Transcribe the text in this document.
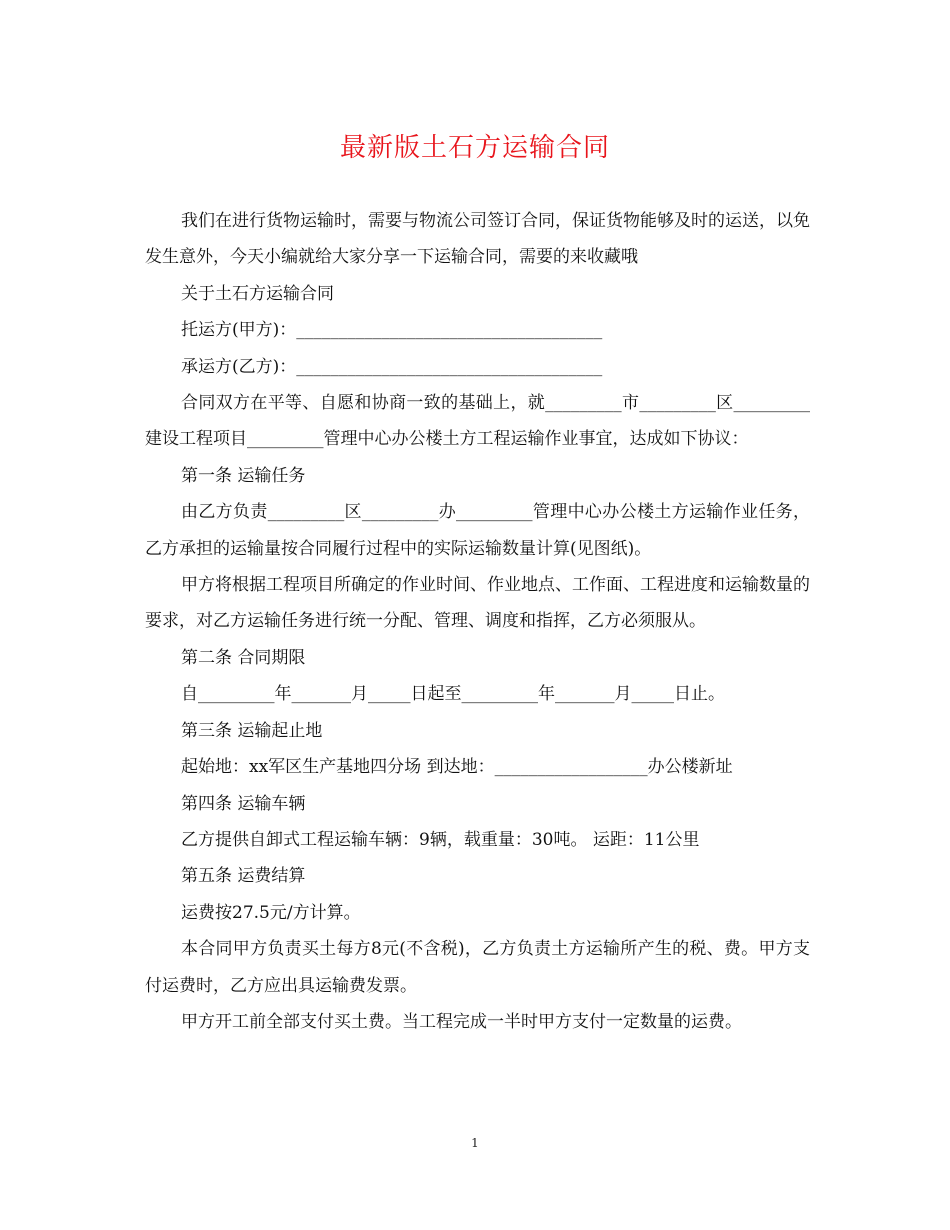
最新版土石方运输合同

我们在进行货物运输时，需要与物流公司签订合同，保证货物能够及时的运送，以免发生意外，今天小编就给大家分享一下运输合同，需要的来收藏哦

关于土石方运输合同

托运方(甲方)：____________________________________

承运方(乙方)：____________________________________

合同双方在平等、自愿和协商一致的基础上，就_________市_________区_________建设工程项目_________管理中心办公楼土方工程运输作业事宜，达成如下协议：

第一条 运输任务

由乙方负责_________区_________办_________管理中心办公楼土方运输作业任务，乙方承担的运输量按合同履行过程中的实际运输数量计算(见图纸)。

甲方将根据工程项目所确定的作业时间、作业地点、工作面、工程进度和运输数量的要求，对乙方运输任务进行统一分配、管理、调度和指挥，乙方必须服从。

第二条 合同期限

自_________年_______月_____日起至_________年_______月_____日止。

第三条 运输起止地

起始地：xx军区生产基地四分场 到达地：__________________办公楼新址

第四条 运输车辆

乙方提供自卸式工程运输车辆：9辆，载重量：30吨。 运距：11公里

第五条 运费结算

运费按27.5元/方计算。

本合同甲方负责买土每方8元(不含税)，乙方负责土方运输所产生的税、费。甲方支付运费时，乙方应出具运输费发票。

甲方开工前全部支付买土费。当工程完成一半时甲方支付一定数量的运费。

1
